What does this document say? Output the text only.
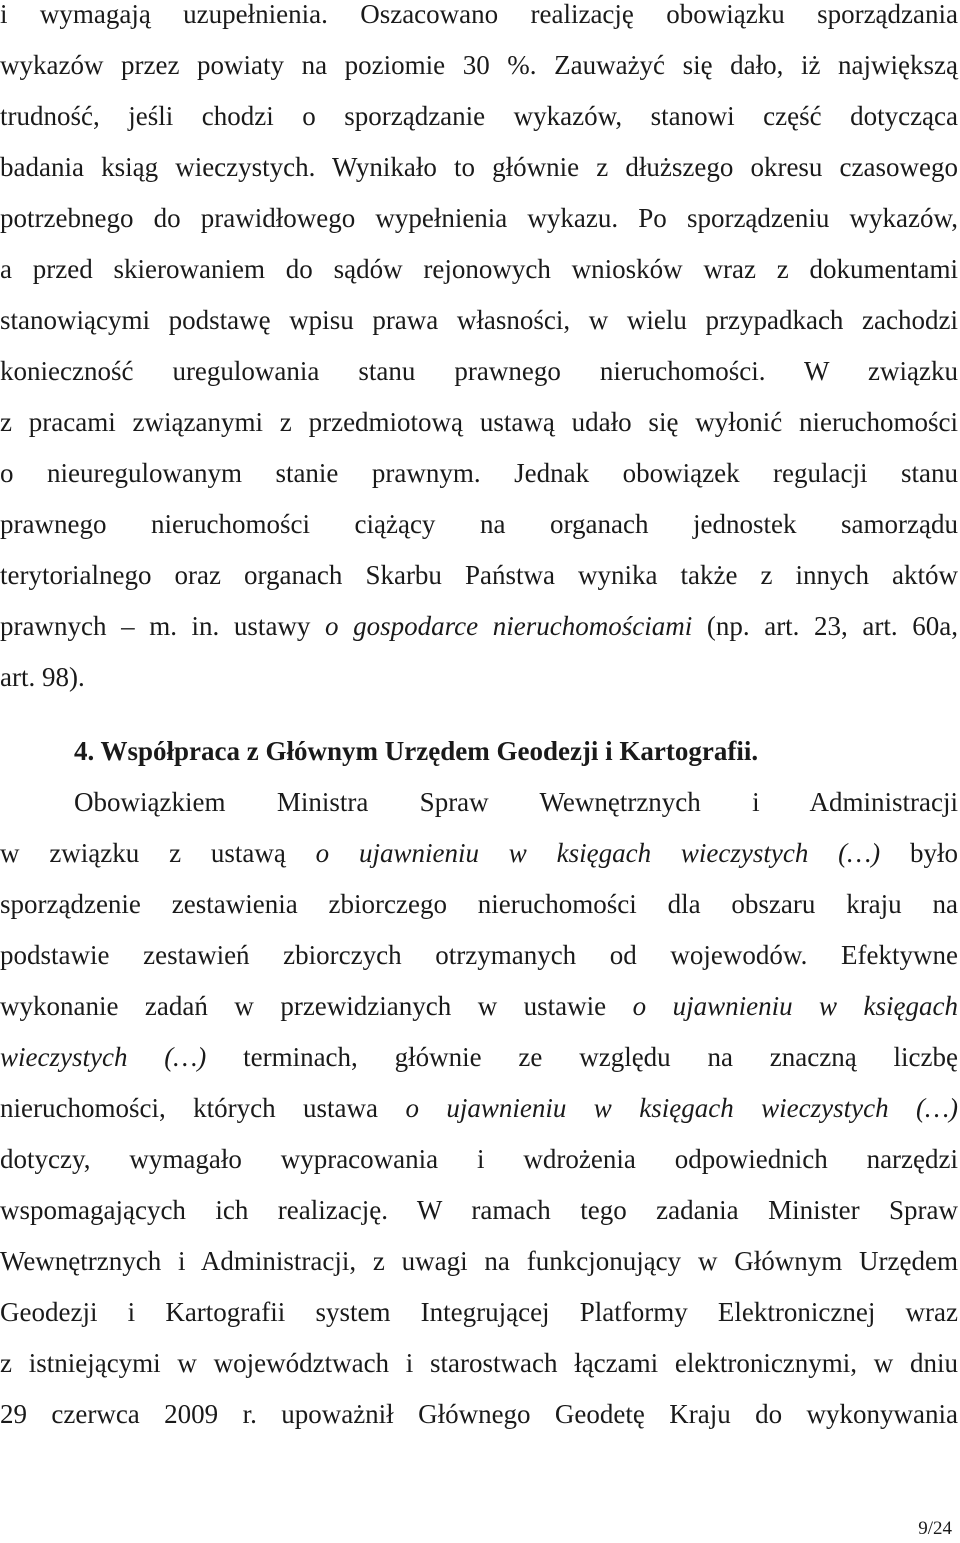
i wymagają uzupełnienia. Oszacowano realizację obowiązku sporządzania
wykazów przez powiaty na poziomie 30 %. Zauważyć się dało, iż największą
trudność, jeśli chodzi o sporządzanie wykazów, stanowi część dotycząca
badania ksiąg wieczystych. Wynikało to głównie z dłuższego okresu czasowego
potrzebnego do prawidłowego wypełnienia wykazu. Po sporządzeniu wykazów,
a przed skierowaniem do sądów rejonowych wniosków wraz z dokumentami
stanowiącymi podstawę wpisu prawa własności, w wielu przypadkach zachodzi
konieczność uregulowania stanu prawnego nieruchomości. W związku
z pracami związanymi z przedmiotową ustawą udało się wyłonić nieruchomości
o nieuregulowanym stanie prawnym. Jednak obowiązek regulacji stanu
prawnego nieruchomości ciążący na organach jednostek samorządu
terytorialnego oraz organach Skarbu Państwa wynika także z innych aktów
prawnych – m. in. ustawy o gospodarce nieruchomościami (np. art. 23, art. 60a,
art. 98).
4. Współpraca z Głównym Urzędem Geodezji i Kartografii.
Obowiązkiem Ministra Spraw Wewnętrznych i Administracji
w związku z ustawą o ujawnieniu w księgach wieczystych (…) było
sporządzenie zestawienia zbiorczego nieruchomości dla obszaru kraju na
podstawie zestawień zbiorczych otrzymanych od wojewodów. Efektywne
wykonanie zadań w przewidzianych w ustawie o ujawnieniu w księgach
wieczystych (…) terminach, głównie ze względu na znaczną liczbę
nieruchomości, których ustawa o ujawnieniu w księgach wieczystych (…)
dotyczy, wymagało wypracowania i wdrożenia odpowiednich narzędzi
wspomagających ich realizację. W ramach tego zadania Minister Spraw
Wewnętrznych i Administracji, z uwagi na funkcjonujący w Głównym Urzędem
Geodezji i Kartografii system Integrującej Platformy Elektronicznej wraz
z istniejącymi w województwach i starostwach łączami elektronicznymi, w dniu
29 czerwca 2009 r. upoważnił Głównego Geodetę Kraju do wykonywania
9/24
